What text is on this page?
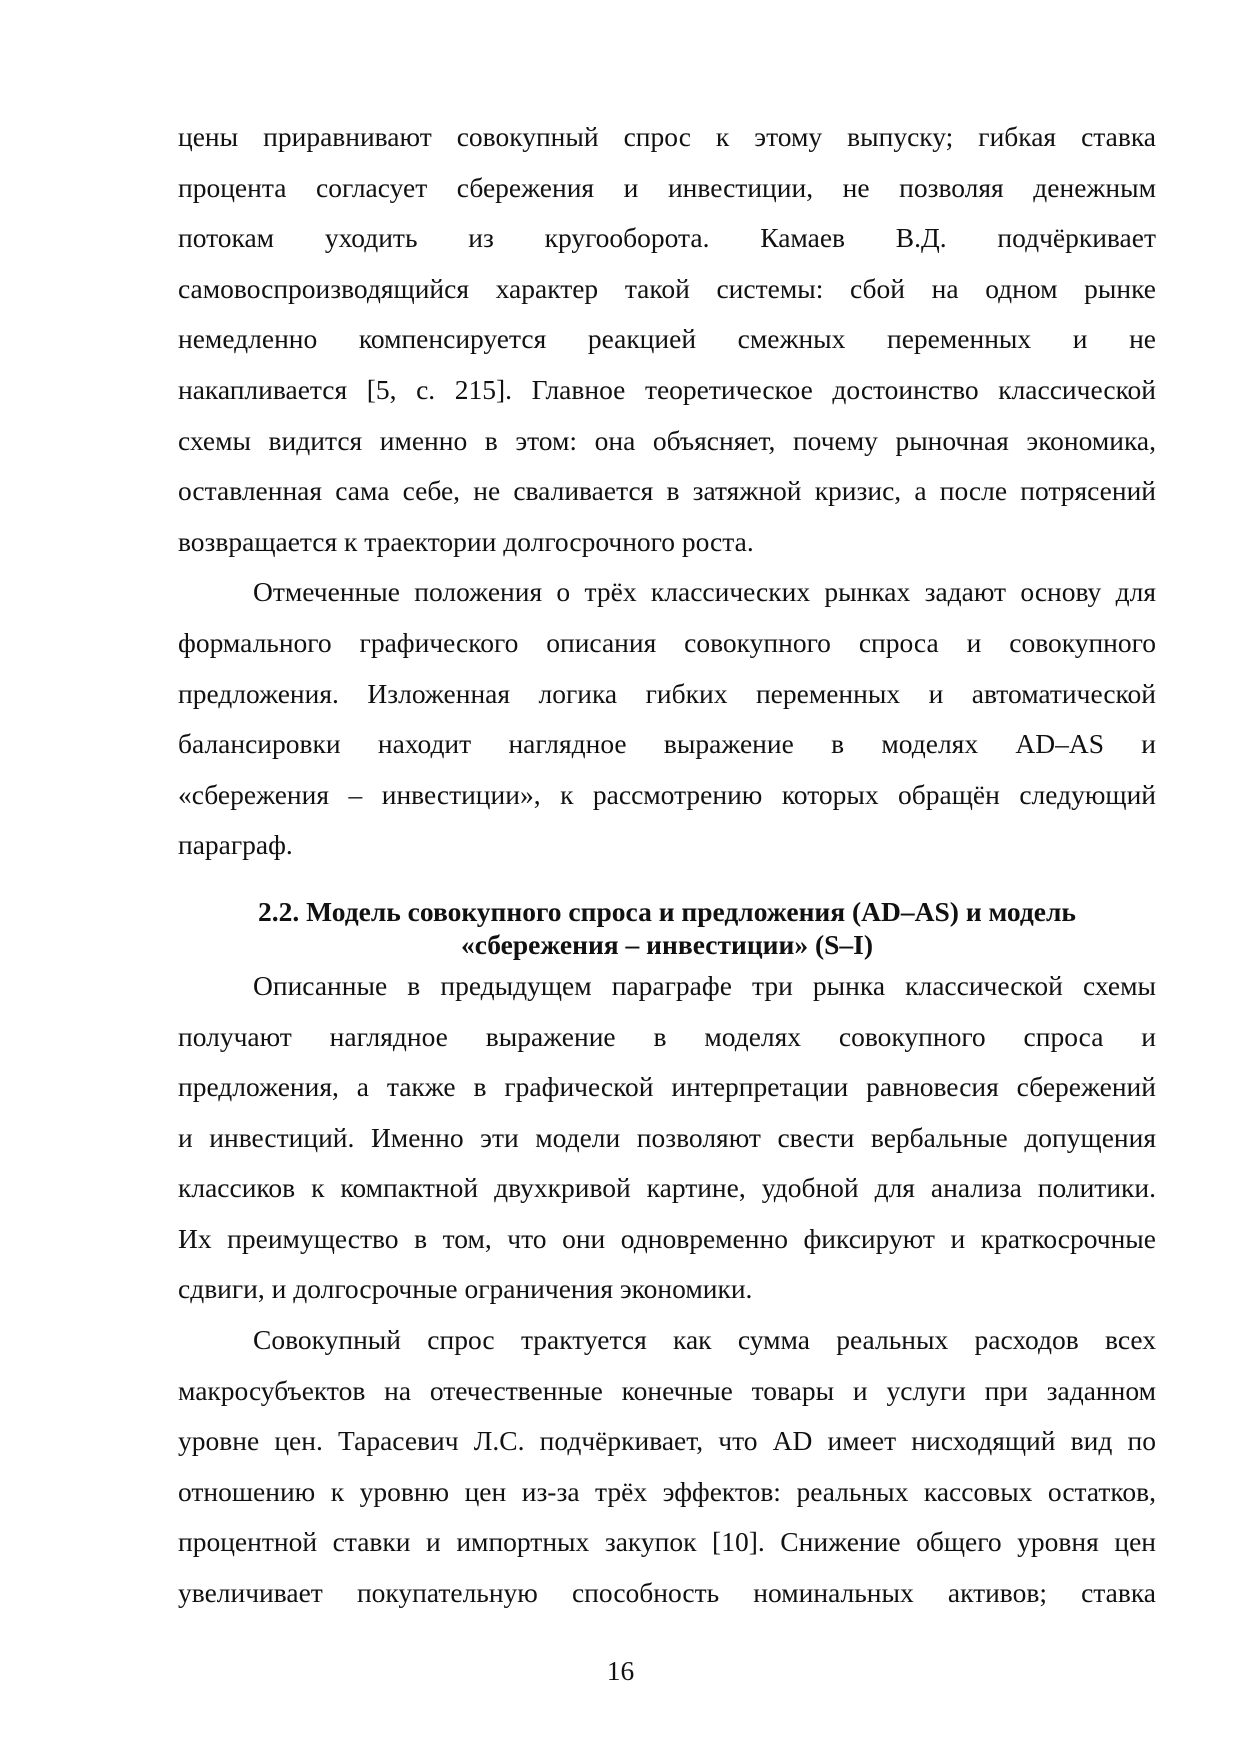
цены приравнивают совокупный спрос к этому выпуску; гибкая ставка
процента согласует сбережения и инвестиции, не позволяя денежным
потокам уходить из кругооборота. Камаев В.Д. подчёркивает
самовоспроизводящийся характер такой системы: сбой на одном рынке
немедленно компенсируется реакцией смежных переменных и не
накапливается [5, с. 215]. Главное теоретическое достоинство классической
схемы видится именно в этом: она объясняет, почему рыночная экономика,
оставленная сама себе, не сваливается в затяжной кризис, а после потрясений
возвращается к траектории долгосрочного роста.
Отмеченные положения о трёх классических рынках задают основу для
формального графического описания совокупного спроса и совокупного
предложения. Изложенная логика гибких переменных и автоматической
балансировки находит наглядное выражение в моделях AD–AS и
«сбережения – инвестиции», к рассмотрению которых обращён следующий
параграф.
2.2. Модель совокупного спроса и предложения (AD–AS) и модель
«сбережения – инвестиции» (S–I)
Описанные в предыдущем параграфе три рынка классической схемы
получают наглядное выражение в моделях совокупного спроса и
предложения, а также в графической интерпретации равновесия сбережений
и инвестиций. Именно эти модели позволяют свести вербальные допущения
классиков к компактной двухкривой картине, удобной для анализа политики.
Их преимущество в том, что они одновременно фиксируют и краткосрочные
сдвиги, и долгосрочные ограничения экономики.
Совокупный спрос трактуется как сумма реальных расходов всех
макросубъектов на отечественные конечные товары и услуги при заданном
уровне цен. Тарасевич Л.С. подчёркивает, что AD имеет нисходящий вид по
отношению к уровню цен из-за трёх эффектов: реальных кассовых остатков,
процентной ставки и импортных закупок [10]. Снижение общего уровня цен
увеличивает покупательную способность номинальных активов; ставка
16
